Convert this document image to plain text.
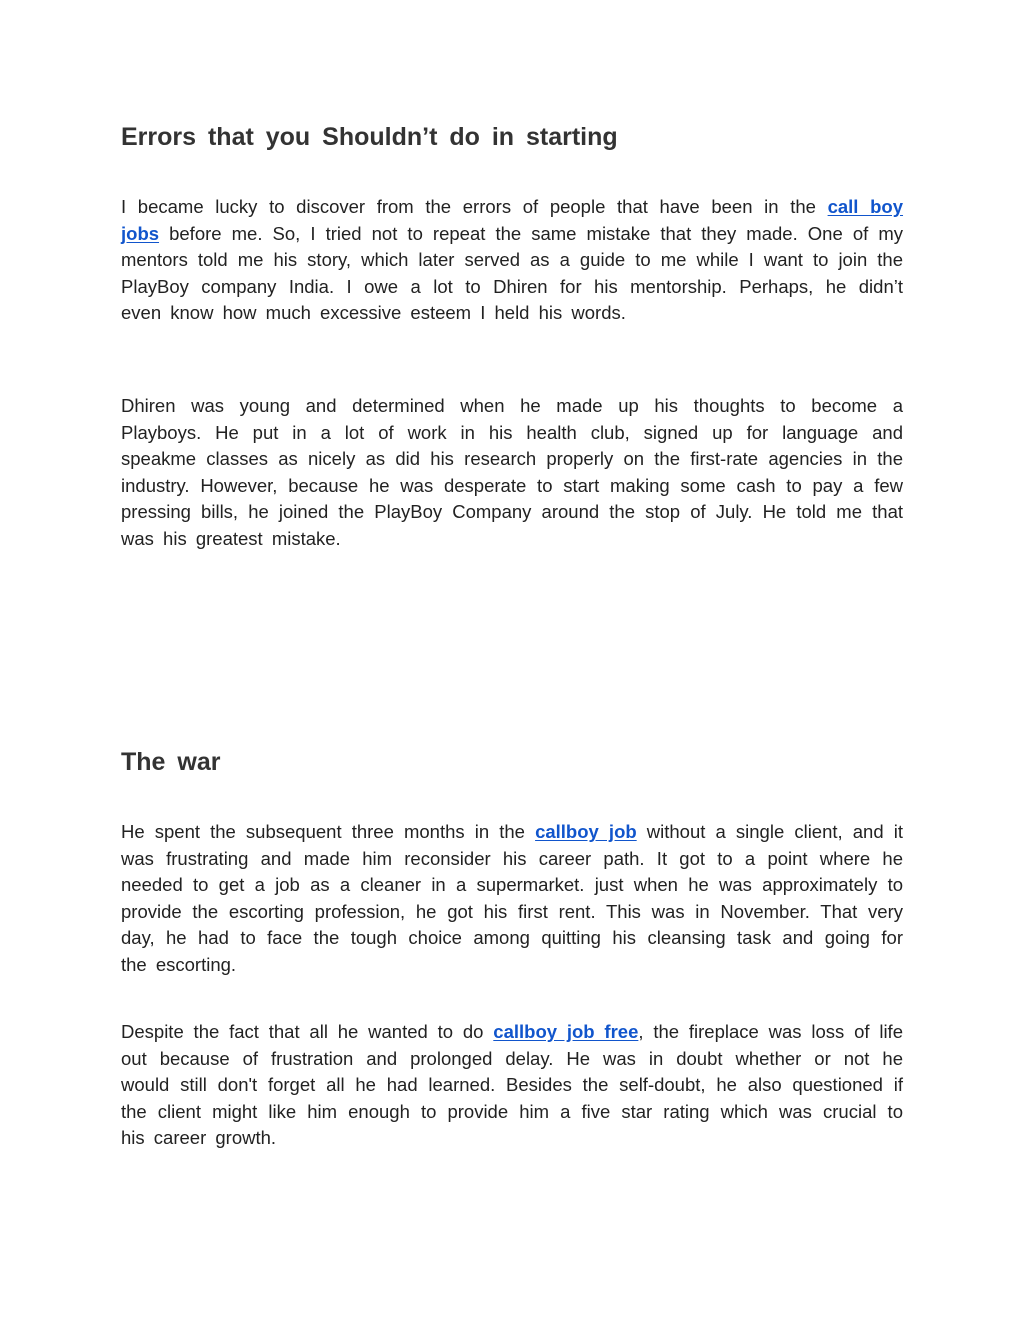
Errors that you Shouldn’t do in starting

I became lucky to discover from the errors of people that have been in the call boy jobs before me. So, I tried not to repeat the same mistake that they made. One of my mentors told me his story, which later served as a guide to me while I want to join the PlayBoy company India. I owe a lot to Dhiren for his mentorship. Perhaps, he didn’t even know how much excessive esteem I held his words.

Dhiren was young and determined when he made up his thoughts to become a Playboys. He put in a lot of work in his health club, signed up for language and speakme classes as nicely as did his research properly on the first-rate agencies in the industry. However, because he was desperate to start making some cash to pay a few pressing bills, he joined the PlayBoy Company around the stop of July. He told me that was his greatest mistake.

The war

He spent the subsequent three months in the callboy job without a single client, and it was frustrating and made him reconsider his career path. It got to a point where he needed to get a job as a cleaner in a supermarket. just when he was approximately to provide the escorting profession, he got his first rent. This was in November. That very day, he had to face the tough choice among quitting his cleansing task and going for the escorting.

Despite the fact that all he wanted to do callboy job free, the fireplace was loss of life out because of frustration and prolonged delay. He was in doubt whether or not he would still don't forget all he had learned. Besides the self-doubt, he also questioned if the client might like him enough to provide him a five star rating which was crucial to his career growth.
